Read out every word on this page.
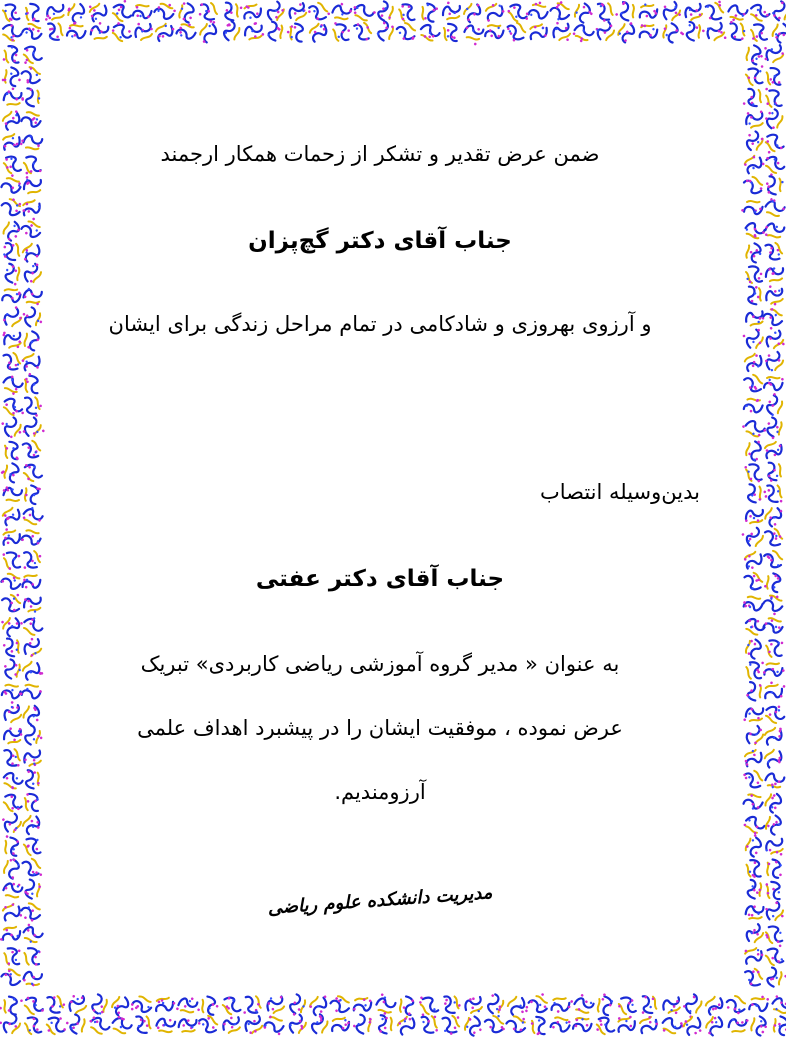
ضمن عرض تقدیر و تشکر از زحمات همکار ارجمند
جناب آقای دکتر گچ‌پزان
و آرزوی بهروزی و شادکامی در تمام مراحل زندگی برای ایشان
بدین‌وسیله انتصاب
جناب آقای دکتر عفتی
به عنوان « مدیر گروه آموزشی ریاضی کاربردی» تبریک
عرض نموده ، موفقیت ایشان را در پیشبرد اهداف علمی
آرزومندیم.
مدیریت دانشکده علوم ریاضی
